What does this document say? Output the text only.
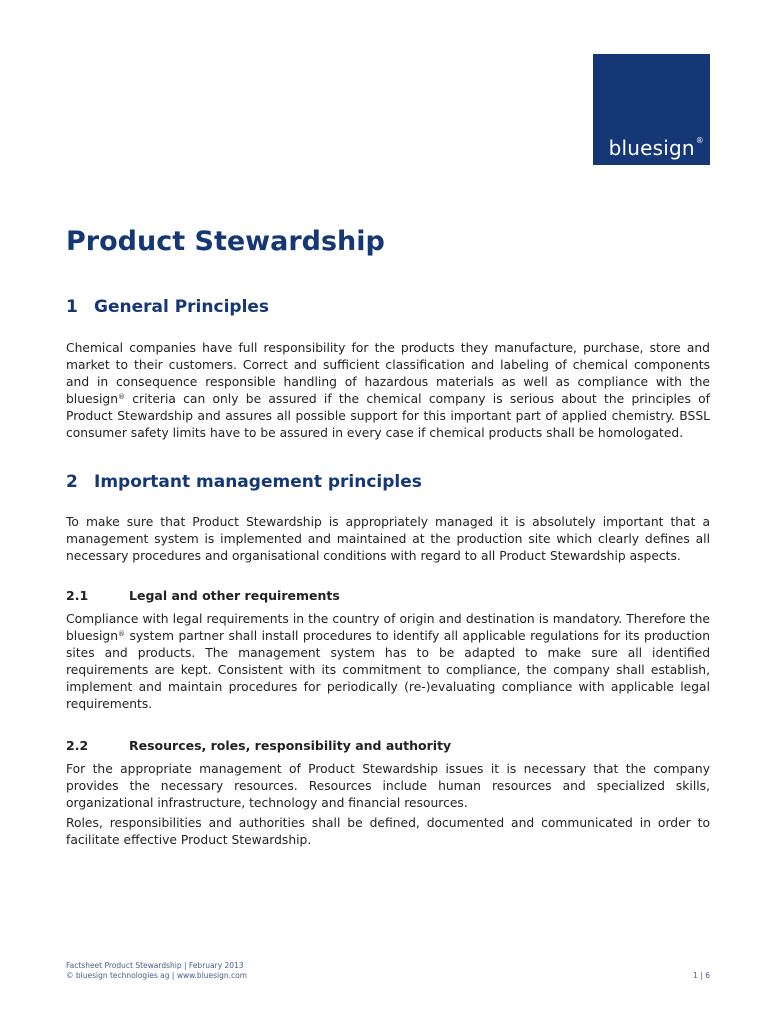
bluesign®
Product Stewardship
1 General Principles

Chemical companies have full responsibility for the products they manufacture, purchase, store and market to their customers. Correct and sufficient classification and labeling of chemical components and in consequence responsible handling of hazardous materials as well as compliance with the bluesign® criteria can only be assured if the chemical company is serious about the principles of Product Stewardship and assures all possible support for this important part of applied chemistry. BSSL consumer safety limits have to be assured in every case if chemical products shall be homologated.

2 Important management principles

To make sure that Product Stewardship is appropriately managed it is absolutely important that a management system is implemented and maintained at the production site which clearly defines all necessary procedures and organisational conditions with regard to all Product Stewardship aspects.

2.1	Legal and other requirements

Compliance with legal requirements in the country of origin and destination is mandatory. Therefore the bluesign® system partner shall install procedures to identify all applicable regulations for its production sites and products. The management system has to be adapted to make sure all identified requirements are kept. Consistent with its commitment to compliance, the company shall establish, implement and maintain procedures for periodically (re-)evaluating compliance with applicable legal requirements.

2.2	Resources, roles, responsibility and authority

For the appropriate management of Product Stewardship issues it is necessary that the company provides the necessary resources. Resources include human resources and specialized skills, organizational infrastructure, technology and financial resources.

Roles, responsibilities and authorities shall be defined, documented and communicated in order to facilitate effective Product Stewardship.

Factsheet Product Stewardship | February 2013
© bluesign technologies ag | www.bluesign.com	1 | 6
